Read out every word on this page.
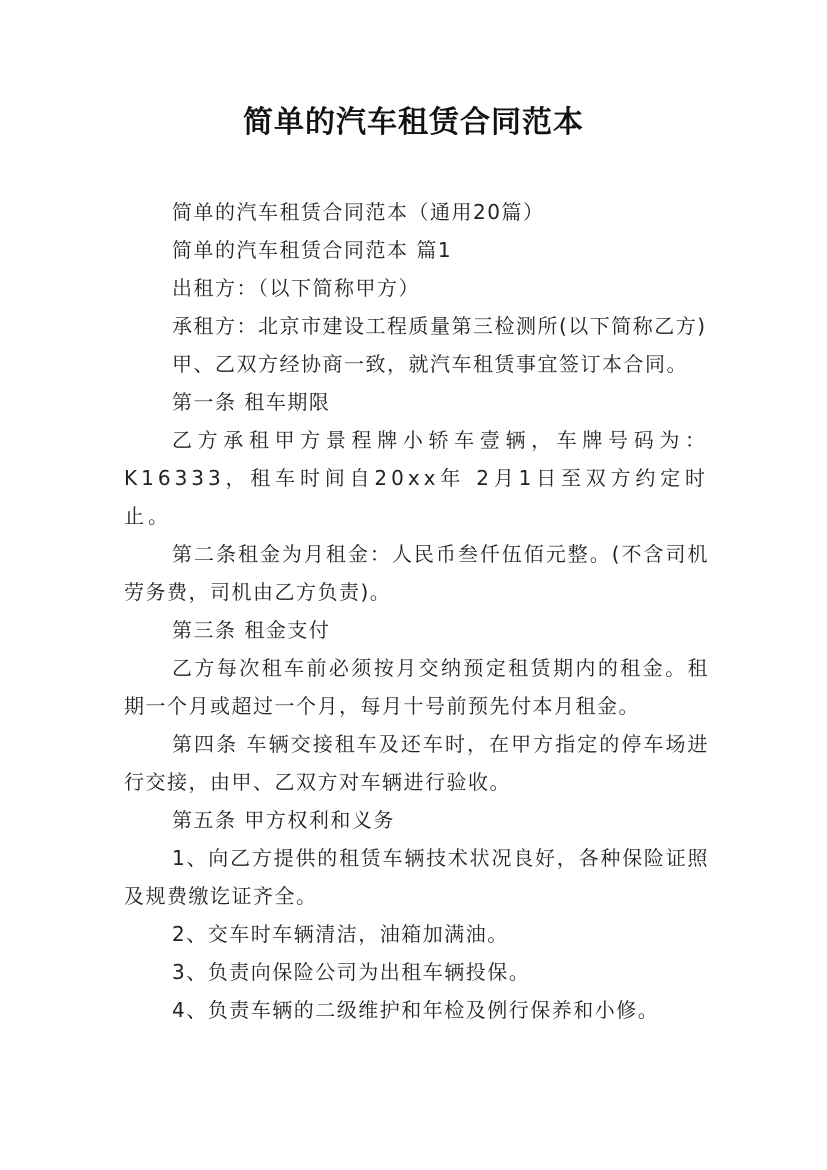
简单的汽车租赁合同范本

简单的汽车租赁合同范本（通用20篇）

简单的汽车租赁合同范本 篇1

出租方：（以下简称甲方）

承租方：北京市建设工程质量第三检测所(以下简称乙方)

甲、乙双方经协商一致，就汽车租赁事宜签订本合同。

第一条 租车期限

乙方承租甲方景程牌小轿车壹辆，车牌号码为：K16333，租车时间自20xx年 2月1日至双方约定时止。

第二条租金为月租金：人民币叁仟伍佰元整。(不含司机劳务费，司机由乙方负责)。

第三条 租金支付

乙方每次租车前必须按月交纳预定租赁期内的租金。租期一个月或超过一个月，每月十号前预先付本月租金。

第四条 车辆交接租车及还车时，在甲方指定的停车场进行交接，由甲、乙双方对车辆进行验收。

第五条 甲方权利和义务

1、向乙方提供的租赁车辆技术状况良好，各种保险证照及规费缴讫证齐全。

2、交车时车辆清洁，油箱加满油。

3、负责向保险公司为出租车辆投保。

4、负责车辆的二级维护和年检及例行保养和小修。
